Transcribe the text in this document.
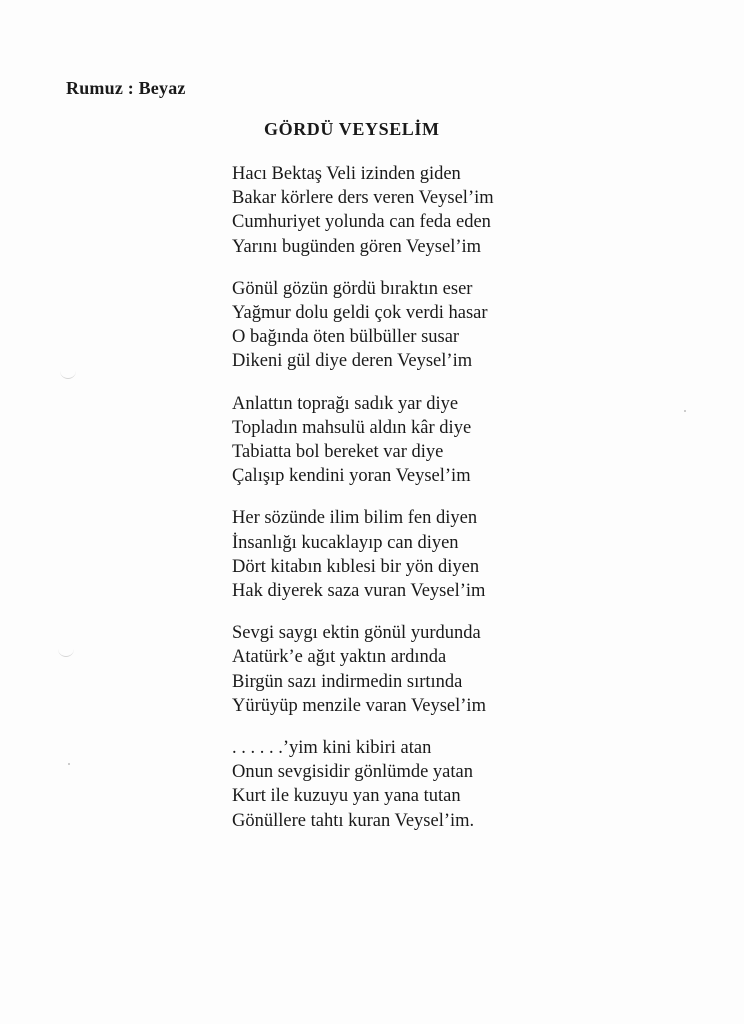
Rumuz : Beyaz
GÖRDÜ VEYSELİM
Hacı Bektaş Veli izinden giden
Bakar körlere ders veren Veysel’im
Cumhuriyet yolunda can feda eden
Yarını bugünden gören Veysel’im
Gönül gözün gördü bıraktın eser
Yağmur dolu geldi çok verdi hasar
O bağında öten bülbüller susar
Dikeni gül diye deren Veysel’im
Anlattın toprağı sadık yar diye
Topladın mahsulü aldın kâr diye
Tabiatta bol bereket var diye
Çalışıp kendini yoran Veysel’im
Her sözünde ilim bilim fen diyen
İnsanlığı kucaklayıp can diyen
Dört kitabın kıblesi bir yön diyen
Hak diyerek saza vuran Veysel’im
Sevgi saygı ektin gönül yurdunda
Atatürk’e ağıt yaktın ardında
Birgün sazı indirmedin sırtında
Yürüyüp menzile varan Veysel’im
. . . . . .’yim kini kibiri atan
Onun sevgisidir gönlümde yatan
Kurt ile kuzuyu yan yana tutan
Gönüllere tahtı kuran Veysel’im.
